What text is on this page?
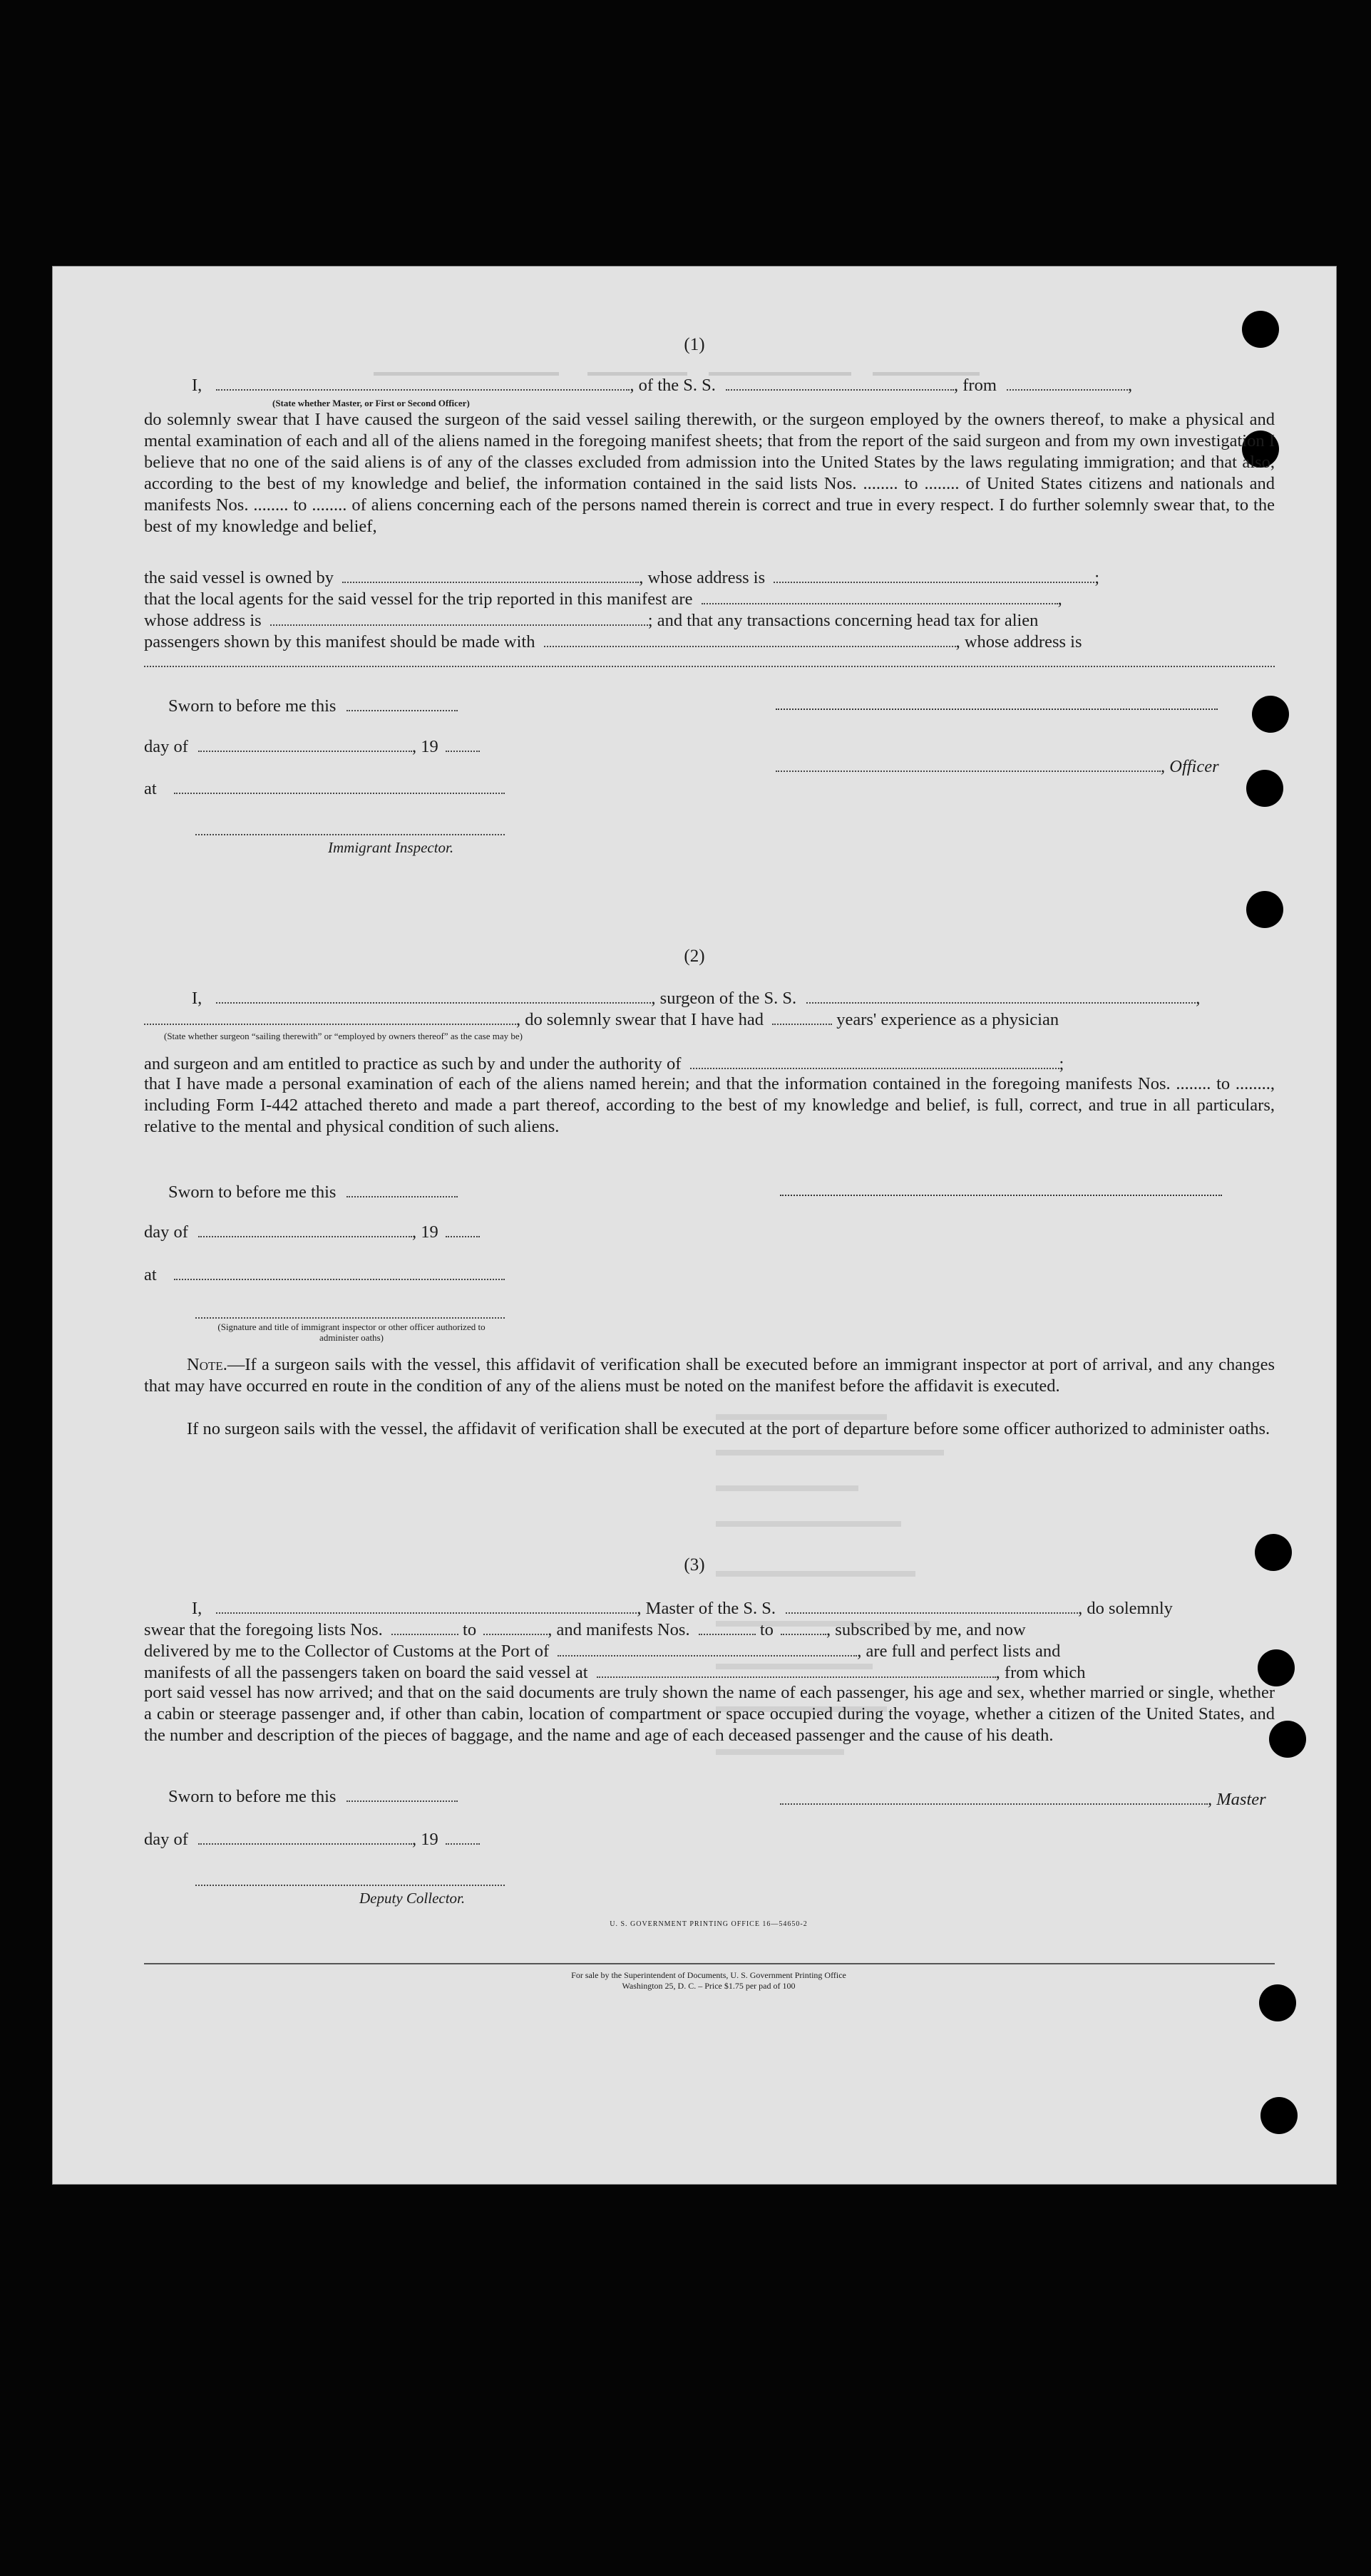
(1)
I,	, of the S. S.	, from	,
(State whether Master, or First or Second Officer)
do solemnly swear that I have caused the surgeon of the said vessel sailing therewith, or the surgeon employed by the owners thereof, to make a physical and mental examination of each and all of the aliens named in the foregoing manifest sheets; that from the report of the said surgeon and from my own investigation I believe that no one of the said aliens is of any of the classes excluded from admission into the United States by the laws regulating immigration; and that also, according to the best of my knowledge and belief, the information contained in the said lists Nos. ........ to ........ of United States citizens and nationals and manifests Nos. ........ to ........ of aliens concerning each of the persons named therein is correct and true in every respect. I do further solemnly swear that, to the best of my knowledge and belief,
the said vessel is owned by	, whose address is	;
that the local agents for the said vessel for the trip reported in this manifest are	,
whose address is	; and that any transactions concerning head tax for alien
passengers shown by this manifest should be made with	, whose address is
Sworn to before me this
day of	, 19
, Officer
at
Immigrant Inspector.
(2)
I,	, surgeon of the S. S.	,
, do solemnly swear that I have had	years' experience as a physician
(State whether surgeon “sailing therewith” or “employed by owners thereof” as the case may be)
and surgeon and am entitled to practice as such by and under the authority of	;
that I have made a personal examination of each of the aliens named herein; and that the information contained in the foregoing manifests Nos. ........ to ........, including Form I-442 attached thereto and made a part thereof, according to the best of my knowledge and belief, is full, correct, and true in all particulars, relative to the mental and physical condition of such aliens.
Sworn to before me this
day of	, 19
at
(Signature and title of immigrant inspector or other officer authorized to administer oaths)
Note.—If a surgeon sails with the vessel, this affidavit of verification shall be executed before an immigrant inspector at port of arrival, and any changes that may have occurred en route in the condition of any of the aliens must be noted on the manifest before the affidavit is executed.
If no surgeon sails with the vessel, the affidavit of verification shall be executed at the port of departure before some officer authorized to administer oaths.
(3)
I,	, Master of the S. S.	, do solemnly
swear that the foregoing lists Nos.	to	, and manifests Nos.	to	, subscribed by me, and now
delivered by me to the Collector of Customs at the Port of	, are full and perfect lists and
manifests of all the passengers taken on board the said vessel at	, from which
port said vessel has now arrived; and that on the said documents are truly shown the name of each passenger, his age and sex, whether married or single, whether a cabin or steerage passenger and, if other than cabin, location of compartment or space occupied during the voyage, whether a citizen of the United States, and the number and description of the pieces of baggage, and the name and age of each deceased passenger and the cause of his death.
Sworn to before me this	, Master
day of	, 19
Deputy Collector.
U. S. GOVERNMENT PRINTING OFFICE 16—54650-2
For sale by the Superintendent of Documents, U. S. Government Printing Office
Washington 25, D. C. – Price $1.75 per pad of 100
